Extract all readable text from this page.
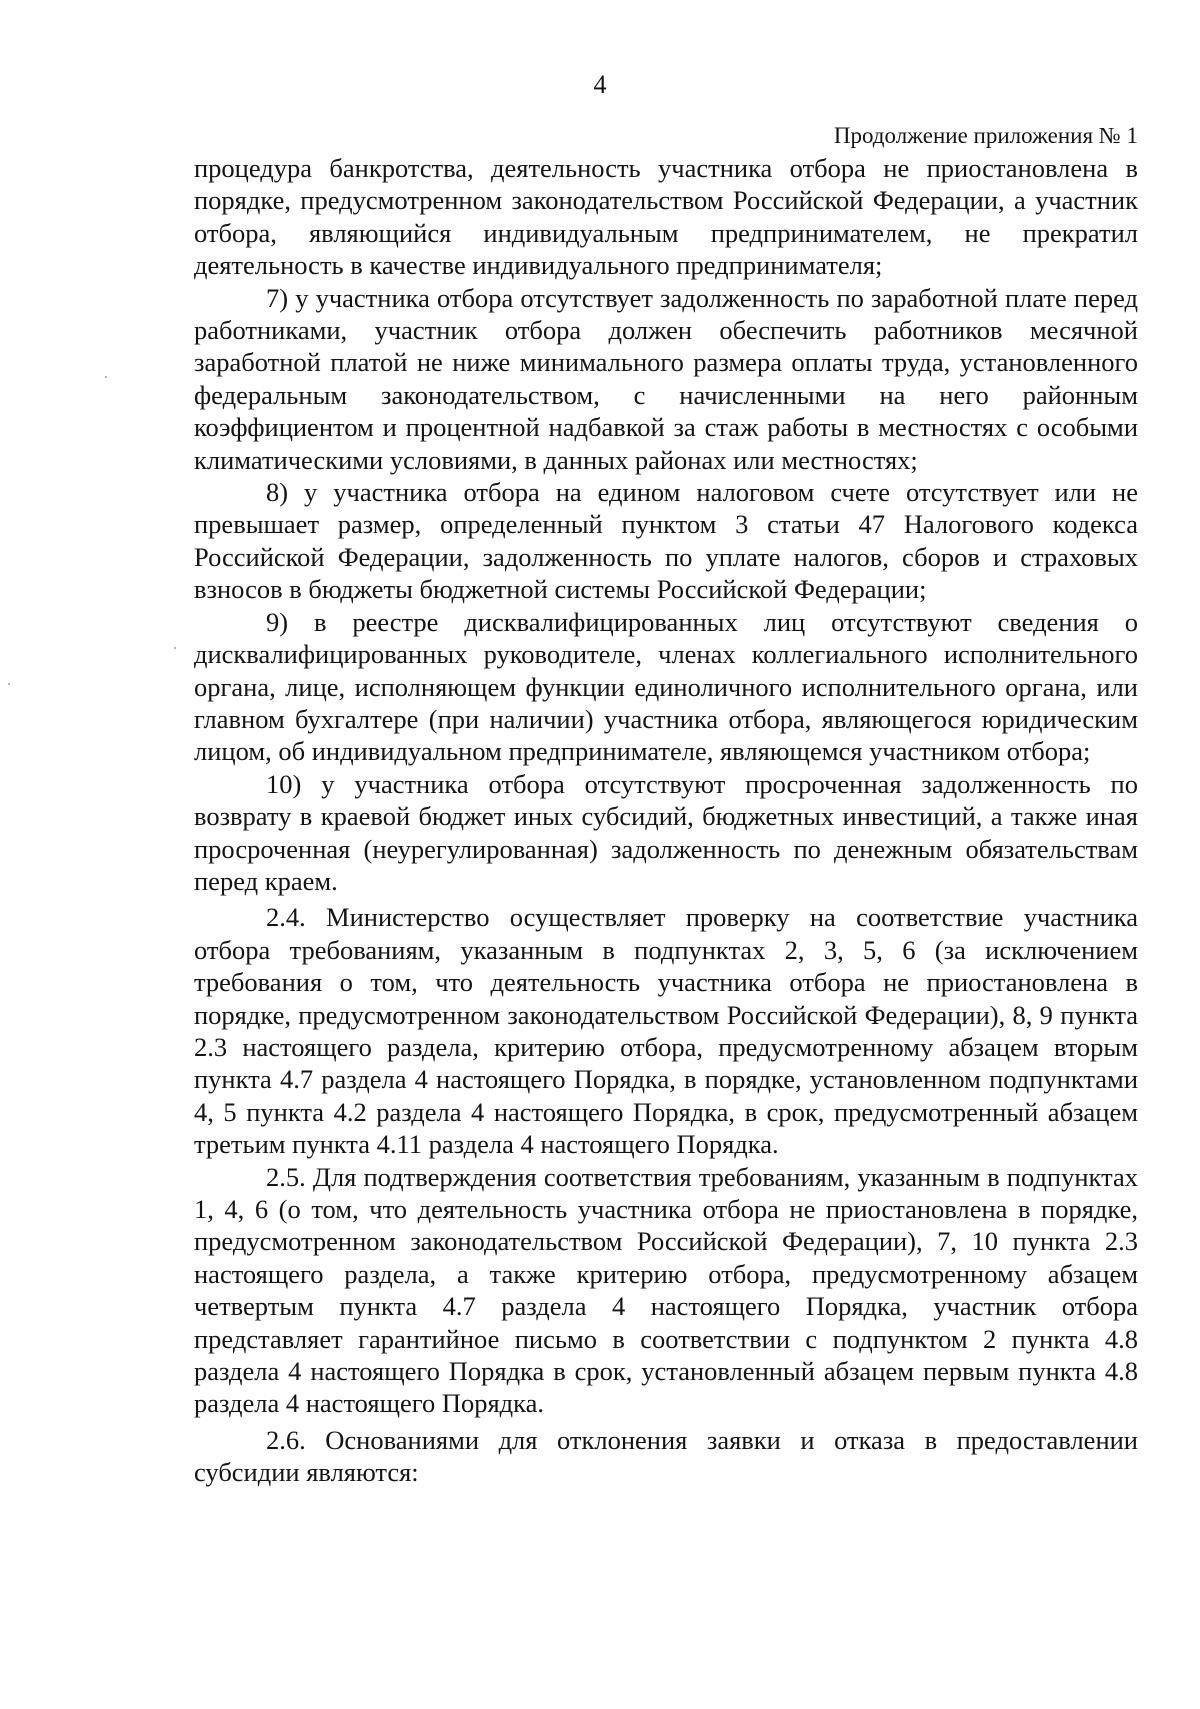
4
Продолжение приложения № 1

процедура банкротства, деятельность участника отбора не приостановлена в порядке, предусмотренном законодательством Российской Федерации, а участник отбора, являющийся индивидуальным предпринимателем, не прекратил деятельность в качестве индивидуального предпринимателя;

7) у участника отбора отсутствует задолженность по заработной плате перед работниками, участник отбора должен обеспечить работников месячной заработной платой не ниже минимального размера оплаты труда, установленного федеральным законодательством, с начисленными на него районным коэффициентом и процентной надбавкой за стаж работы в местностях с особыми климатическими условиями, в данных районах или местностях;

8) у участника отбора на едином налоговом счете отсутствует или не превышает размер, определенный пунктом 3 статьи 47 Налогового кодекса Российской Федерации, задолженность по уплате налогов, сборов и страховых взносов в бюджеты бюджетной системы Российской Федерации;

9) в реестре дисквалифицированных лиц отсутствуют сведения о дисквалифицированных руководителе, членах коллегиального исполнительного органа, лице, исполняющем функции единоличного исполнительного органа, или главном бухгалтере (при наличии) участника отбора, являющегося юридическим лицом, об индивидуальном предпринимателе, являющемся участником отбора;

10) у участника отбора отсутствуют просроченная задолженность по возврату в краевой бюджет иных субсидий, бюджетных инвестиций, а также иная просроченная (неурегулированная) задолженность по денежным обязательствам перед краем.

2.4. Министерство осуществляет проверку на соответствие участника отбора требованиям, указанным в подпунктах 2, 3, 5, 6 (за исключением требования о том, что деятельность участника отбора не приостановлена в порядке, предусмотренном законодательством Российской Федерации), 8, 9 пункта 2.3 настоящего раздела, критерию отбора, предусмотренному абзацем вторым пункта 4.7 раздела 4 настоящего Порядка, в порядке, установленном подпунктами 4, 5 пункта 4.2 раздела 4 настоящего Порядка, в срок, предусмотренный абзацем третьим пункта 4.11 раздела 4 настоящего Порядка.

2.5. Для подтверждения соответствия требованиям, указанным в подпунктах 1, 4, 6 (о том, что деятельность участника отбора не приостановлена в порядке, предусмотренном законодательством Российской Федерации), 7, 10 пункта 2.3 настоящего раздела, а также критерию отбора, предусмотренному абзацем четвертым пункта 4.7 раздела 4 настоящего Порядка, участник отбора представляет гарантийное письмо в соответствии с подпунктом 2 пункта 4.8 раздела 4 настоящего Порядка в срок, установленный абзацем первым пункта 4.8 раздела 4 настоящего Порядка.

2.6. Основаниями для отклонения заявки и отказа в предоставлении субсидии являются:
